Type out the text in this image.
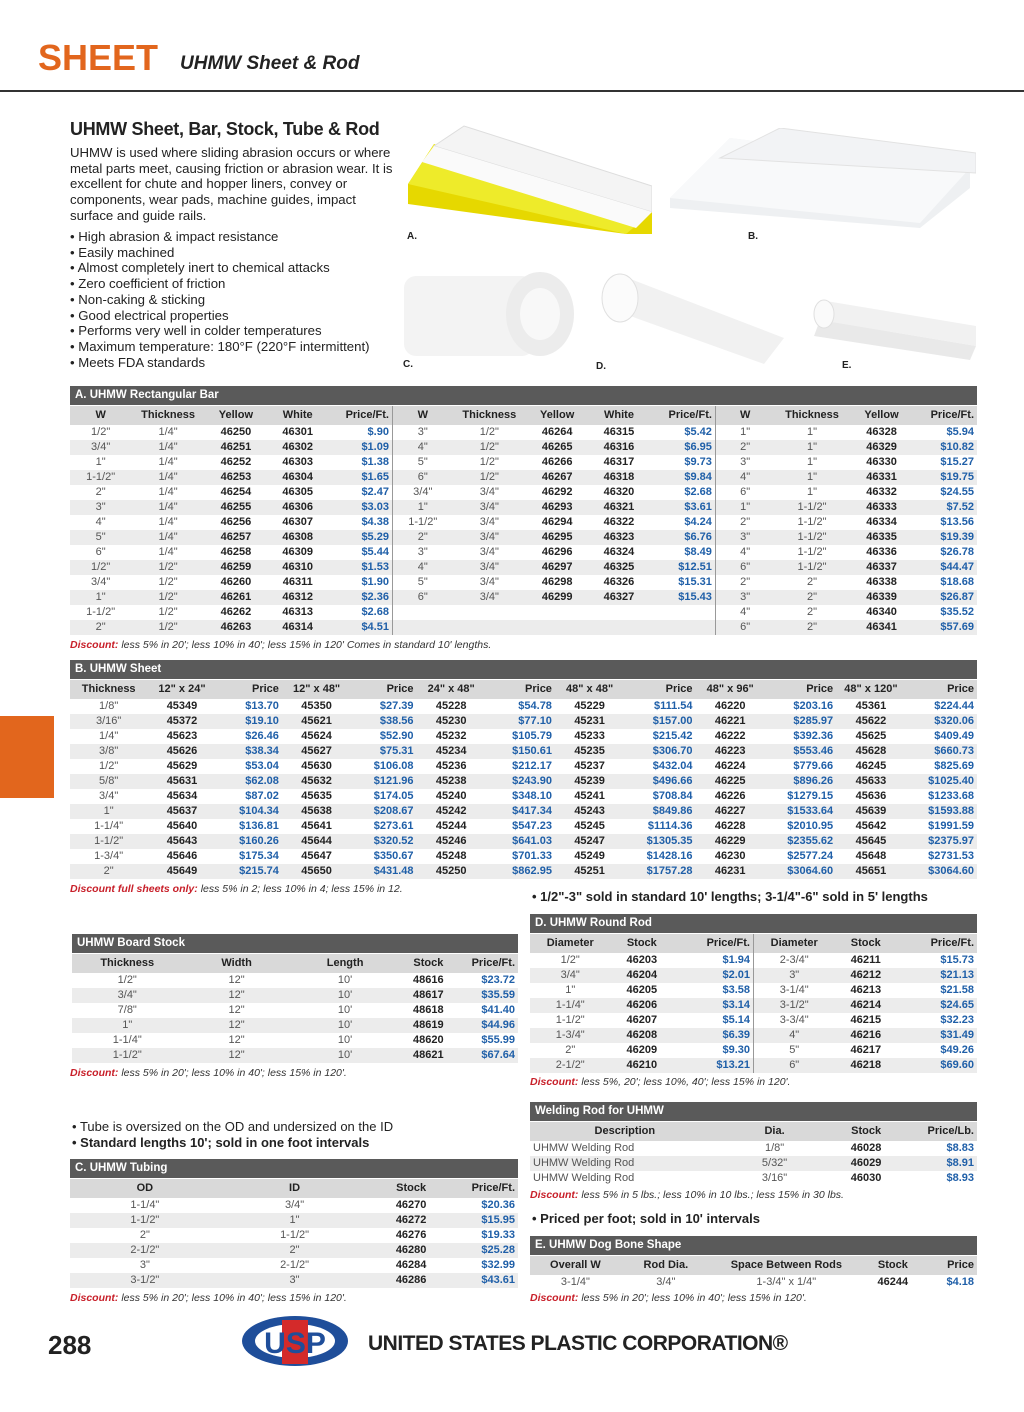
SHEET UHMW Sheet & Rod
UHMW Sheet, Bar, Stock, Tube & Rod
UHMW is used where sliding abrasion occurs or where metal parts meet, causing friction or abrasion wear. It is excellent for chute and hopper liners, convey or components, wear pads, machine guides, impact surface and guide rails.
• High abrasion & impact resistance
• Easily machined
• Almost completely inert to chemical attacks
• Zero coefficient of friction
• Non-caking & sticking
• Good electrical properties
• Performs very well in colder temperatures
• Maximum temperature: 180°F (220°F intermittent)
• Meets FDA standards
A.	B.
C.	D.	E.
A. UHMW Rectangular Bar
W	Thickness	Yellow	White	Price/Ft.	W	Thickness	Yellow	White	Price/Ft.	W	Thickness	Yellow	Price/Ft.
1/2"	1/4"	46250	46301	$.90	3"	1/2"	46264	46315	$5.42	1"	1"	46328	$5.94
3/4"	1/4"	46251	46302	$1.09	4"	1/2"	46265	46316	$6.95	2"	1"	46329	$10.82
1"	1/4"	46252	46303	$1.38	5"	1/2"	46266	46317	$9.73	3"	1"	46330	$15.27
1-1/2"	1/4"	46253	46304	$1.65	6"	1/2"	46267	46318	$9.84	4"	1"	46331	$19.75
2"	1/4"	46254	46305	$2.47	3/4"	3/4"	46292	46320	$2.68	6"	1"	46332	$24.55
3"	1/4"	46255	46306	$3.03	1"	3/4"	46293	46321	$3.61	1"	1-1/2"	46333	$7.52
4"	1/4"	46256	46307	$4.38	1-1/2"	3/4"	46294	46322	$4.24	2"	1-1/2"	46334	$13.56
5"	1/4"	46257	46308	$5.29	2"	3/4"	46295	46323	$6.76	3"	1-1/2"	46335	$19.39
6"	1/4"	46258	46309	$5.44	3"	3/4"	46296	46324	$8.49	4"	1-1/2"	46336	$26.78
1/2"	1/2"	46259	46310	$1.53	4"	3/4"	46297	46325	$12.51	6"	1-1/2"	46337	$44.47
3/4"	1/2"	46260	46311	$1.90	5"	3/4"	46298	46326	$15.31	2"	2"	46338	$18.68
1"	1/2"	46261	46312	$2.36	6"	3/4"	46299	46327	$15.43	3"	2"	46339	$26.87
1-1/2"	1/2"	46262	46313	$2.68						4"	2"	46340	$35.52
2"	1/2"	46263	46314	$4.51						6"	2"	46341	$57.69
Discount: less 5% in 20'; less 10% in 40'; less 15% in 120' Comes in standard 10' lengths.
B. UHMW Sheet
Thickness	12" x 24"	Price	12" x 48"	Price	24" x 48"	Price	48" x 48"	Price	48" x 96"	Price	48" x 120"	Price
1/8"	45349	$13.70	45350	$27.39	45228	$54.78	45229	$111.54	46220	$203.16	45361	$224.44
3/16"	45372	$19.10	45621	$38.56	45230	$77.10	45231	$157.00	46221	$285.97	45622	$320.06
1/4"	45623	$26.46	45624	$52.90	45232	$105.79	45233	$215.42	46222	$392.36	45625	$409.49
3/8"	45626	$38.34	45627	$75.31	45234	$150.61	45235	$306.70	46223	$553.46	45628	$660.73
1/2"	45629	$53.04	45630	$106.08	45236	$212.17	45237	$432.04	46224	$779.66	46245	$825.69
5/8"	45631	$62.08	45632	$121.96	45238	$243.90	45239	$496.66	46225	$896.26	45633	$1025.40
3/4"	45634	$87.02	45635	$174.05	45240	$348.10	45241	$708.84	46226	$1279.15	45636	$1233.68
1"	45637	$104.34	45638	$208.67	45242	$417.34	45243	$849.86	46227	$1533.64	45639	$1593.88
1-1/4"	45640	$136.81	45641	$273.61	45244	$547.23	45245	$1114.36	46228	$2010.95	45642	$1991.59
1-1/2"	45643	$160.26	45644	$320.52	45246	$641.03	45247	$1305.35	46229	$2355.62	45645	$2375.97
1-3/4"	45646	$175.34	45647	$350.67	45248	$701.33	45249	$1428.16	46230	$2577.24	45648	$2731.53
2"	45649	$215.74	45650	$431.48	45250	$862.95	45251	$1757.28	46231	$3064.60	45651	$3064.60
Discount full sheets only: less 5% in 2; less 10% in 4; less 15% in 12.	• 1/2"-3" sold in standard 10' lengths; 3-1/4"-6" sold in 5' lengths
D. UHMW Round Rod
Diameter	Stock	Price/Ft.	Diameter	Stock	Price/Ft.
1/2"	46203	$1.94	2-3/4"	46211	$15.73
3/4"	46204	$2.01	3"	46212	$21.13
1"	46205	$3.58	3-1/4"	46213	$21.58
1-1/4"	46206	$3.14	3-1/2"	46214	$24.65
1-1/2"	46207	$5.14	3-3/4"	46215	$32.23
1-3/4"	46208	$6.39	4"	46216	$31.49
2"	46209	$9.30	5"	46217	$49.26
2-1/2"	46210	$13.21	6"	46218	$69.60
Discount: less 5%, 20'; less 10%, 40'; less 15% in 120'.
UHMW Board Stock
Thickness	Width	Length	Stock	Price/Ft.
1/2"	12"	10'	48616	$23.72
3/4"	12"	10'	48617	$35.59
7/8"	12"	10'	48618	$41.40
1"	12"	10'	48619	$44.96
1-1/4"	12"	10'	48620	$55.99
1-1/2"	12"	10'	48621	$67.64
Discount: less 5% in 20'; less 10% in 40'; less 15% in 120'.
Welding Rod for UHMW
Description	Dia.	Stock	Price/Lb.
UHMW Welding Rod	1/8"	46028	$8.83
UHMW Welding Rod	5/32"	46029	$8.91
UHMW Welding Rod	3/16"	46030	$8.93
Discount: less 5% in 5 lbs.; less 10% in 10 lbs.; less 15% in 30 lbs.
• Tube is oversized on the OD and undersized on the ID
• Standard lengths 10'; sold in one foot intervals
C. UHMW Tubing
OD	ID	Stock	Price/Ft.
1-1/4"	3/4"	46270	$20.36
1-1/2"	1"	46272	$15.95
2"	1-1/2"	46276	$19.33
2-1/2"	2"	46280	$25.28
3"	2-1/2"	46284	$32.99
3-1/2"	3"	46286	$43.61
Discount: less 5% in 20'; less 10% in 40'; less 15% in 120'.
• Priced per foot; sold in 10' intervals
E. UHMW Dog Bone Shape
Overall W	Rod Dia.	Space Between Rods	Stock	Price
3-1/4"	3/4"	1-3/4" x 1/4"	46244	$4.18
Discount: less 5% in 20'; less 10% in 40'; less 15% in 120'.
288	USP UNITED STATES PLASTIC CORPORATION®
